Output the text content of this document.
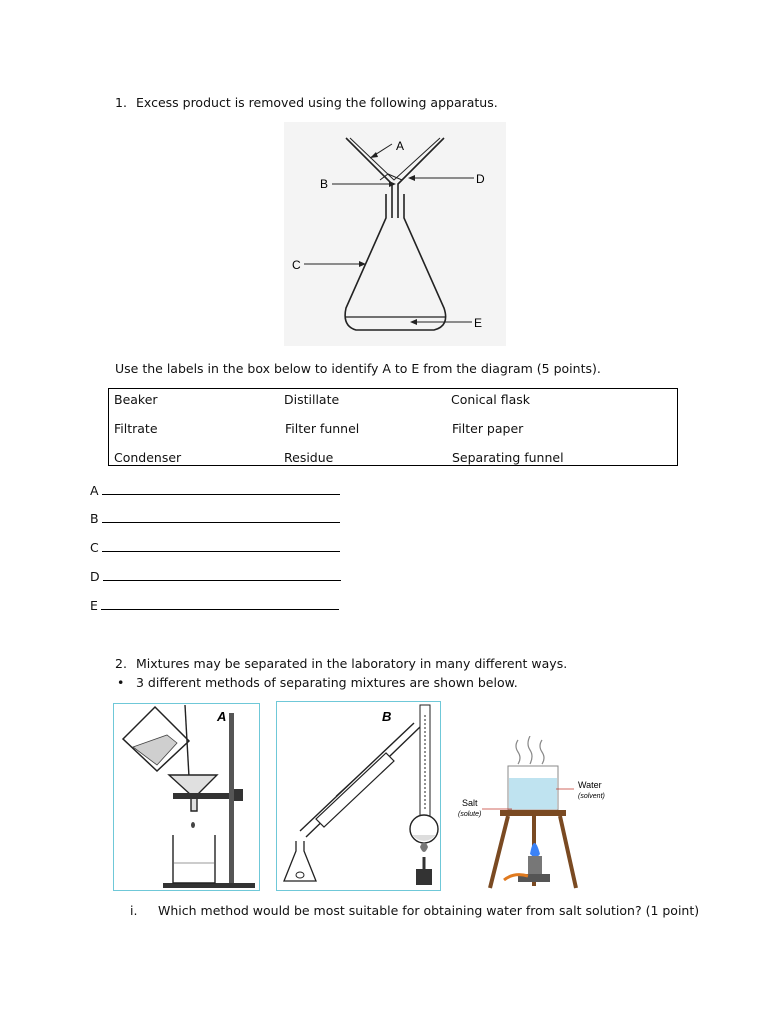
1. Excess product is removed using the following apparatus.
A
B
C
D
E
Use the labels in the box below to identify A to E from the diagram (5 points).
Beaker	Distillate	Conical flask
Filtrate	Filter funnel	Filter paper
Condenser	Residue	Separating funnel
A
B
C
D
E
2. Mixtures may be separated in the laboratory in many different ways.
• 3 different methods of separating mixtures are shown below.
A	B
Water
(solvent)
Salt
(solute)
i. Which method would be most suitable for obtaining water from salt solution? (1 point)
